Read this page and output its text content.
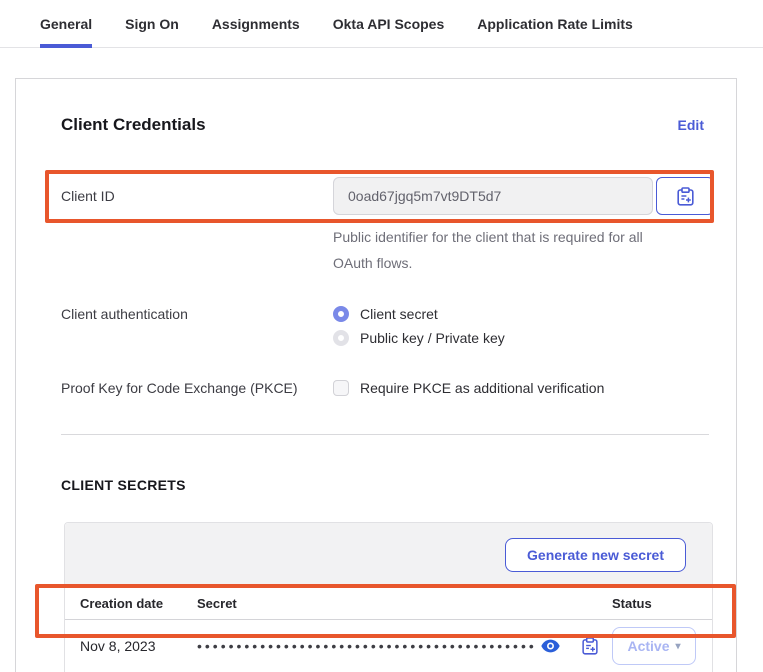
General Sign On Assignments Okta API Scopes Application Rate Limits
Client Credentials	Edit
Client ID	0oad67jgq5m7vt9DT5d7
Public identifier for the client that is required for all
OAuth flows.
Client authentication	Client secret
Public key / Private key
Proof Key for Code Exchange (PKCE)	Require PKCE as additional verification
CLIENT SECRETS
Generate new secret
Creation date	Secret	Status
Nov 8, 2023	•••••••••••••••••••••••••••••••••••••••••••	Active ▾
